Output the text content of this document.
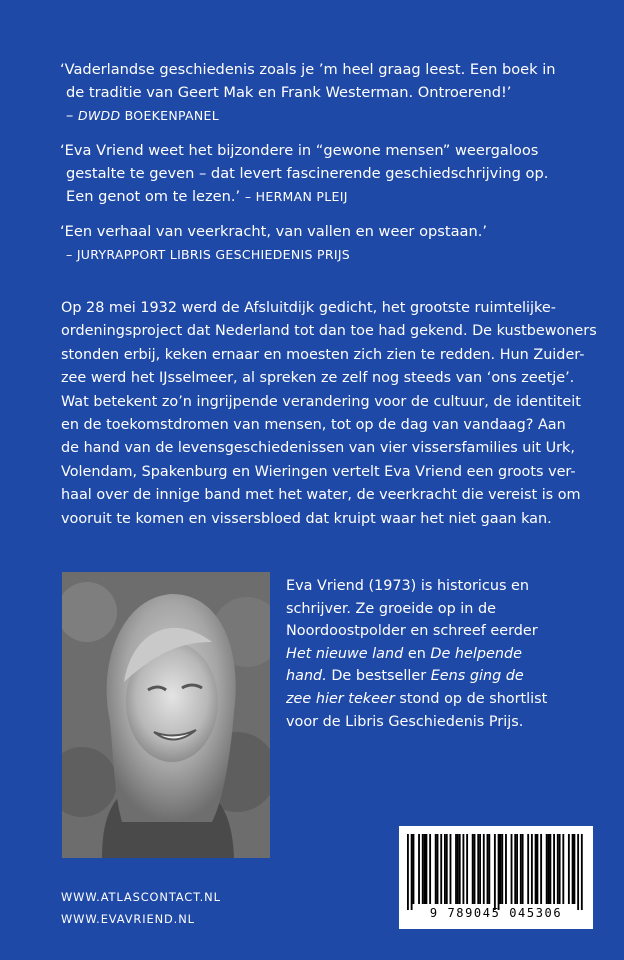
‘Vaderlandse geschiedenis zoals je ’m heel graag leest. Een boek in
de traditie van Geert Mak en Frank Westerman. Ontroerend!’
– DWDD BOEKENPANEL
‘Eva Vriend weet het bijzondere in “gewone mensen” weergaloos
gestalte te geven – dat levert fascinerende geschiedschrijving op.
Een genot om te lezen.’ – HERMAN PLEIJ
‘Een verhaal van veerkracht, van vallen en weer opstaan.’
– JURYRAPPORT LIBRIS GESCHIEDENIS PRIJS
Op 28 mei 1932 werd de Afsluitdijk gedicht, het grootste ruimtelijke-
ordeningsproject dat Nederland tot dan toe had gekend. De kustbewoners
stonden erbij, keken ernaar en moesten zich zien te redden. Hun Zuider-
zee werd het IJsselmeer, al spreken ze zelf nog steeds van ‘ons zeetje’.
Wat betekent zo’n ingrijpende verandering voor de cultuur, de identiteit
en de toekomstdromen van mensen, tot op de dag van vandaag? Aan
de hand van de levensgeschiedenissen van vier vissersfamilies uit Urk,
Volendam, Spakenburg en Wieringen vertelt Eva Vriend een groots ver-
haal over de innige band met het water, de veerkracht die vereist is om
vooruit te komen en vissersbloed dat kruipt waar het niet gaan kan.
Eva Vriend (1973) is historicus en
schrijver. Ze groeide op in de
Noordoostpolder en schreef eerder
Het nieuwe land en De helpende
hand. De bestseller Eens ging de
zee hier tekeer stond op de shortlist
voor de Libris Geschiedenis Prijs.
WWW.ATLASCONTACT.NL
WWW.EVAVRIEND.NL	9 789045 045306
